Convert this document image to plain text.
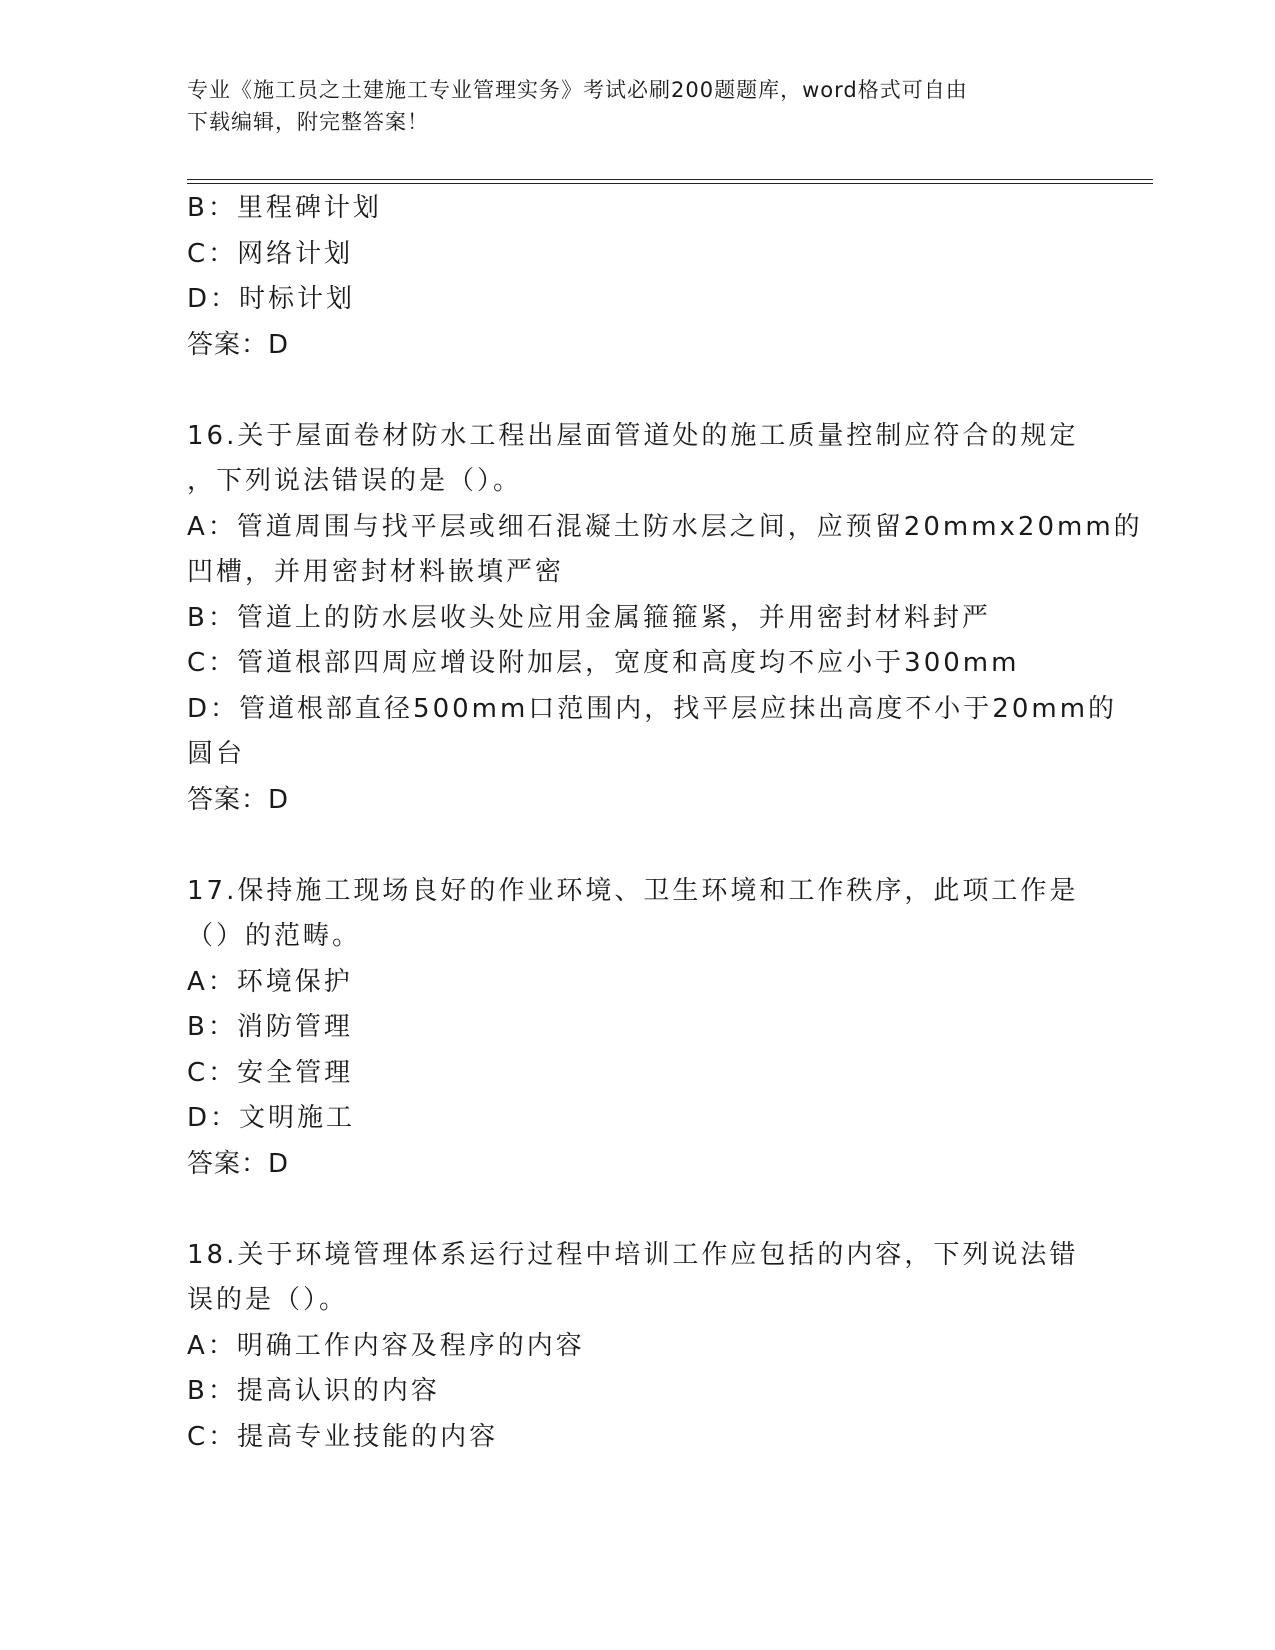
专业《施工员之土建施工专业管理实务》考试必刷200题题库，word格式可自由
下载编辑，附完整答案！
B：里程碑计划
C：网络计划
D：时标计划
答案：D
16.关于屋面卷材防水工程出屋面管道处的施工质量控制应符合的规定
，下列说法错误的是（）。
A：管道周围与找平层或细石混凝土防水层之间，应预留20mmx20mm的
凹槽，并用密封材料嵌填严密
B：管道上的防水层收头处应用金属箍箍紧，并用密封材料封严
C：管道根部四周应增设附加层，宽度和高度均不应小于300mm
D：管道根部直径500mm口范围内，找平层应抹出高度不小于20mm的
圆台
答案：D
17.保持施工现场良好的作业环境、卫生环境和工作秩序，此项工作是
（）的范畴。
A：环境保护
B：消防管理
C：安全管理
D：文明施工
答案：D
18.关于环境管理体系运行过程中培训工作应包括的内容，下列说法错
误的是（）。
A：明确工作内容及程序的内容
B：提高认识的内容
C：提高专业技能的内容
